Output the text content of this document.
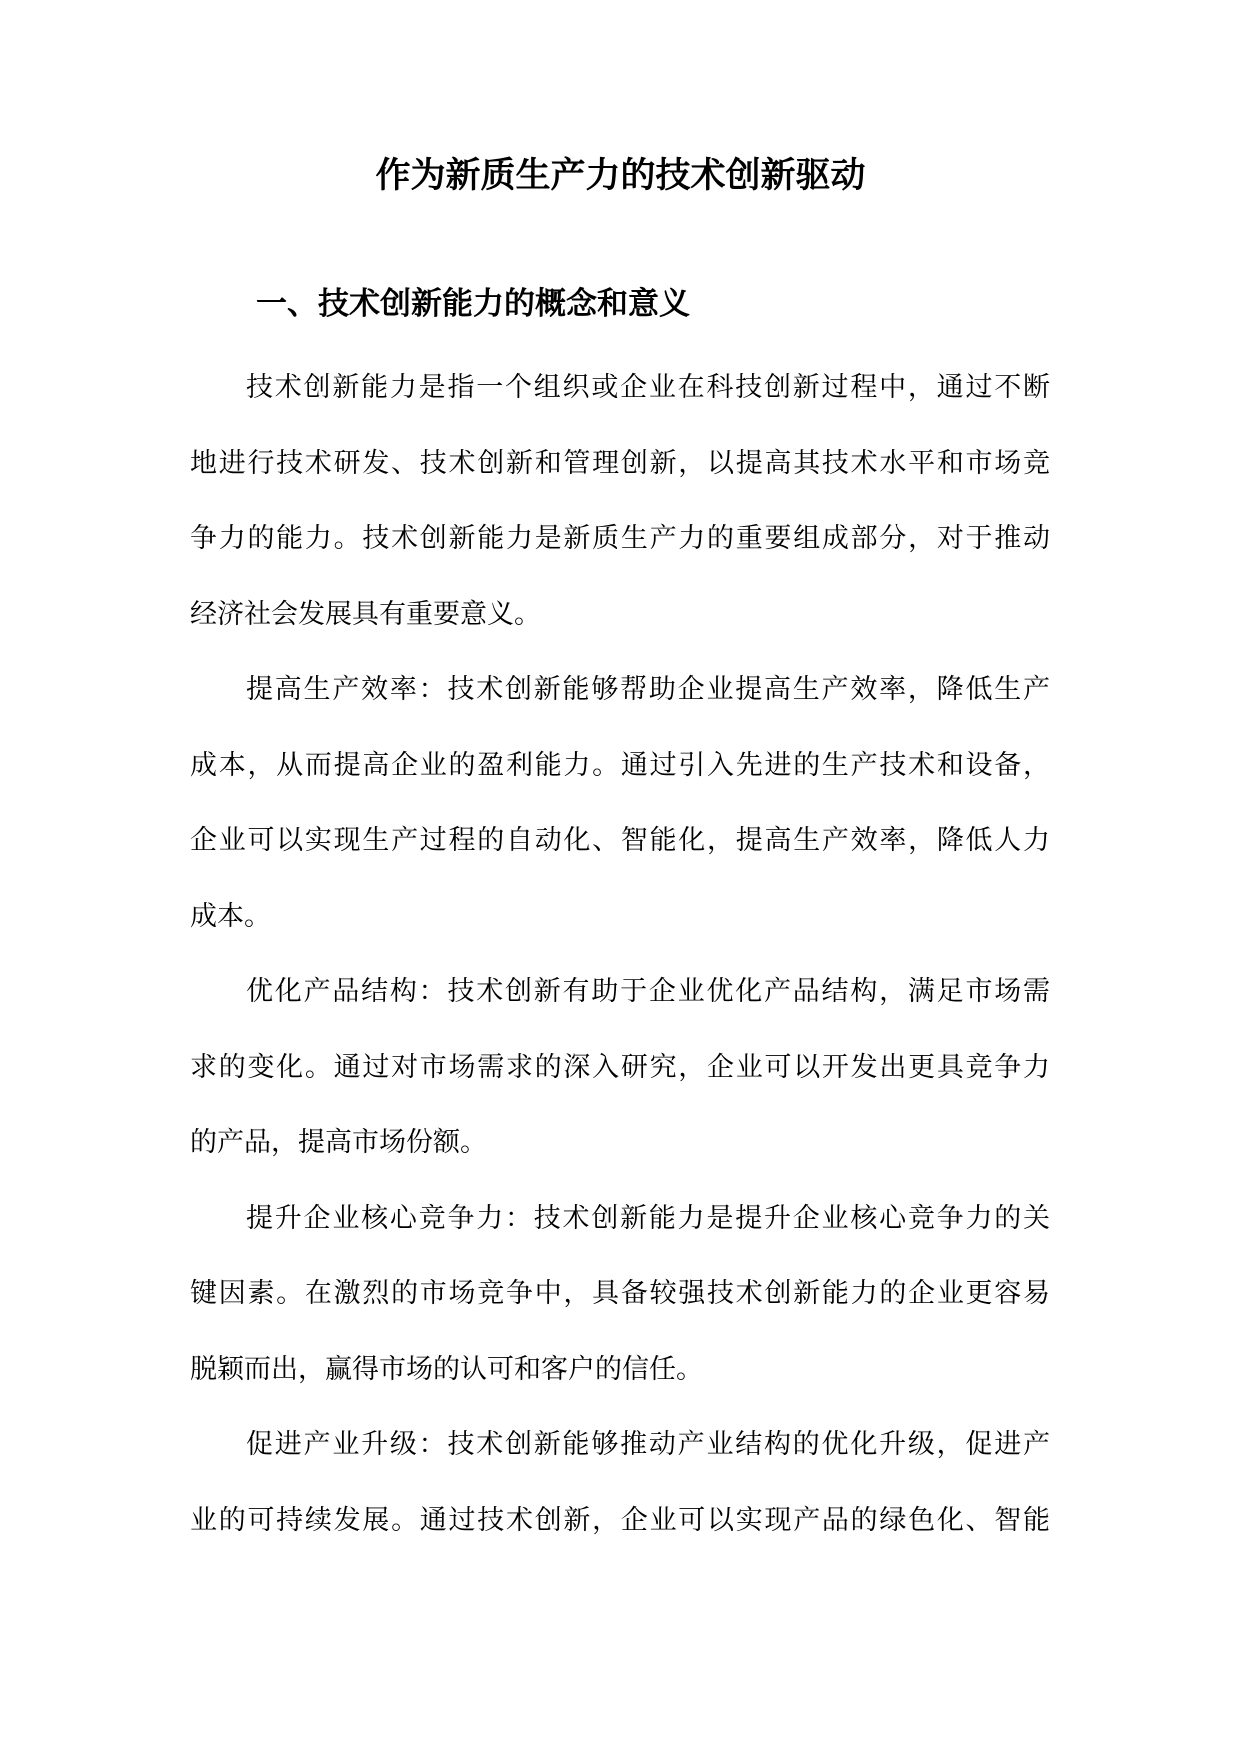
作为新质生产力的技术创新驱动
一、技术创新能力的概念和意义

技术创新能力是指一个组织或企业在科技创新过程中，通过不断

地进行技术研发、技术创新和管理创新，以提高其技术水平和市场竞

争力的能力。技术创新能力是新质生产力的重要组成部分，对于推动

经济社会发展具有重要意义。

提高生产效率：技术创新能够帮助企业提高生产效率，降低生产

成本，从而提高企业的盈利能力。通过引入先进的生产技术和设备，

企业可以实现生产过程的自动化、智能化，提高生产效率，降低人力

成本。

优化产品结构：技术创新有助于企业优化产品结构，满足市场需

求的变化。通过对市场需求的深入研究，企业可以开发出更具竞争力

的产品，提高市场份额。

提升企业核心竞争力：技术创新能力是提升企业核心竞争力的关

键因素。在激烈的市场竞争中，具备较强技术创新能力的企业更容易

脱颖而出，赢得市场的认可和客户的信任。

促进产业升级：技术创新能够推动产业结构的优化升级，促进产

业的可持续发展。通过技术创新，企业可以实现产品的绿色化、智能
